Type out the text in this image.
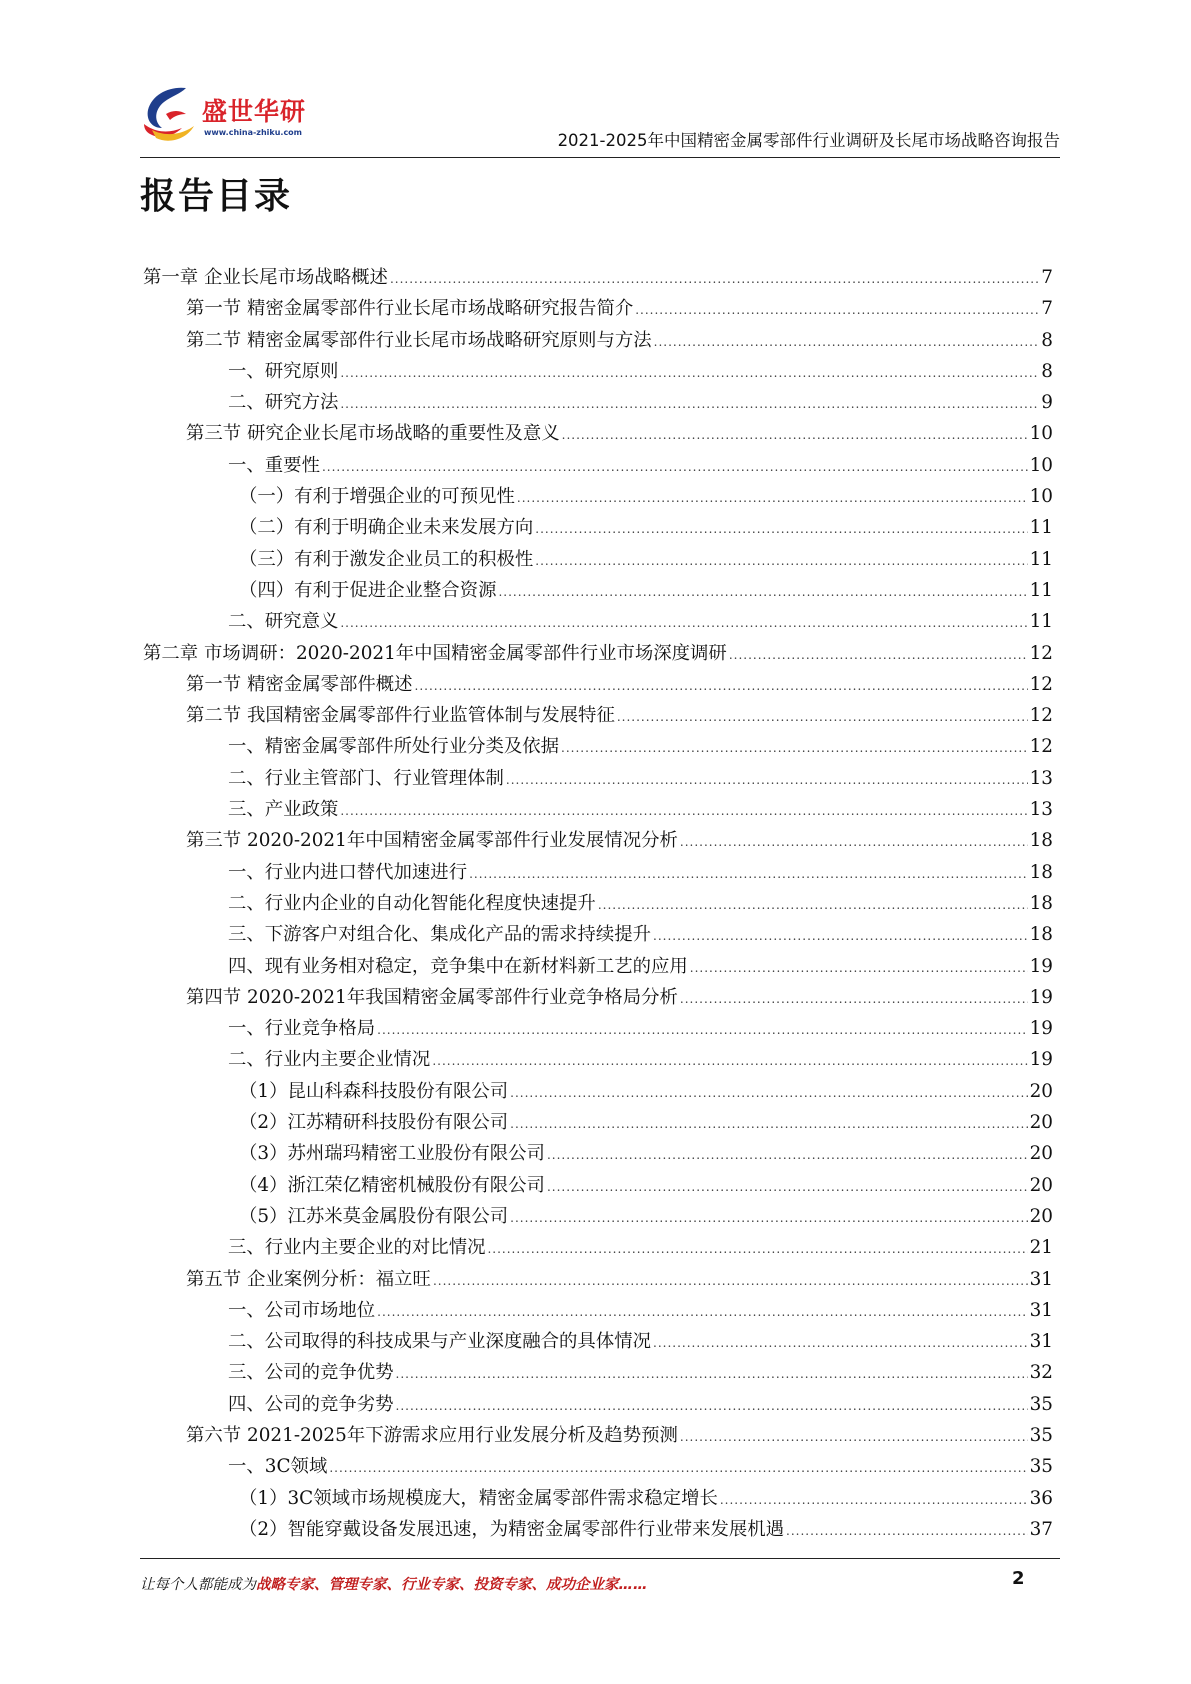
盛世华研
www.china-zhiku.com	2021-2025年中国精密金属零部件行业调研及长尾市场战略咨询报告
报告目录
第一章 企业长尾市场战略概述 .....	7
第一节 精密金属零部件行业长尾市场战略研究报告简介 .....	7
第二节 精密金属零部件行业长尾市场战略研究原则与方法 .....	8
一、研究原则 .....	8
二、研究方法 .....	9
第三节 研究企业长尾市场战略的重要性及意义 .....	10
一、重要性 .....	10
（一）有利于增强企业的可预见性 .....	10
（二）有利于明确企业未来发展方向 .....	11
（三）有利于激发企业员工的积极性 .....	11
（四）有利于促进企业整合资源 .....	11
二、研究意义 .....	11
第二章 市场调研：2020-2021年中国精密金属零部件行业市场深度调研 .....	12
第一节 精密金属零部件概述 .....	12
第二节 我国精密金属零部件行业监管体制与发展特征 .....	12
一、精密金属零部件所处行业分类及依据 .....	12
二、行业主管部门、行业管理体制 .....	13
三、产业政策 .....	13
第三节 2020-2021年中国精密金属零部件行业发展情况分析 .....	18
一、行业内进口替代加速进行 .....	18
二、行业内企业的自动化智能化程度快速提升 .....	18
三、下游客户对组合化、集成化产品的需求持续提升 .....	18
四、现有业务相对稳定，竞争集中在新材料新工艺的应用 .....	19
第四节 2020-2021年我国精密金属零部件行业竞争格局分析 .....	19
一、行业竞争格局 .....	19
二、行业内主要企业情况 .....	19
（1）昆山科森科技股份有限公司 .....	20
（2）江苏精研科技股份有限公司 .....	20
（3）苏州瑞玛精密工业股份有限公司 .....	20
（4）浙江荣亿精密机械股份有限公司 .....	20
（5）江苏米莫金属股份有限公司 .....	20
三、行业内主要企业的对比情况 .....	21
第五节 企业案例分析：福立旺 .....	31
一、公司市场地位 .....	31
二、公司取得的科技成果与产业深度融合的具体情况 .....	31
三、公司的竞争优势 .....	32
四、公司的竞争劣势 .....	35
第六节 2021-2025年下游需求应用行业发展分析及趋势预测 .....	35
一、3C领域 .....	35
（1）3C领域市场规模庞大，精密金属零部件需求稳定增长 .....	36
（2）智能穿戴设备发展迅速，为精密金属零部件行业带来发展机遇 .....	37
让每个人都能成为战略专家、管理专家、行业专家、投资专家、成功企业家……	2
